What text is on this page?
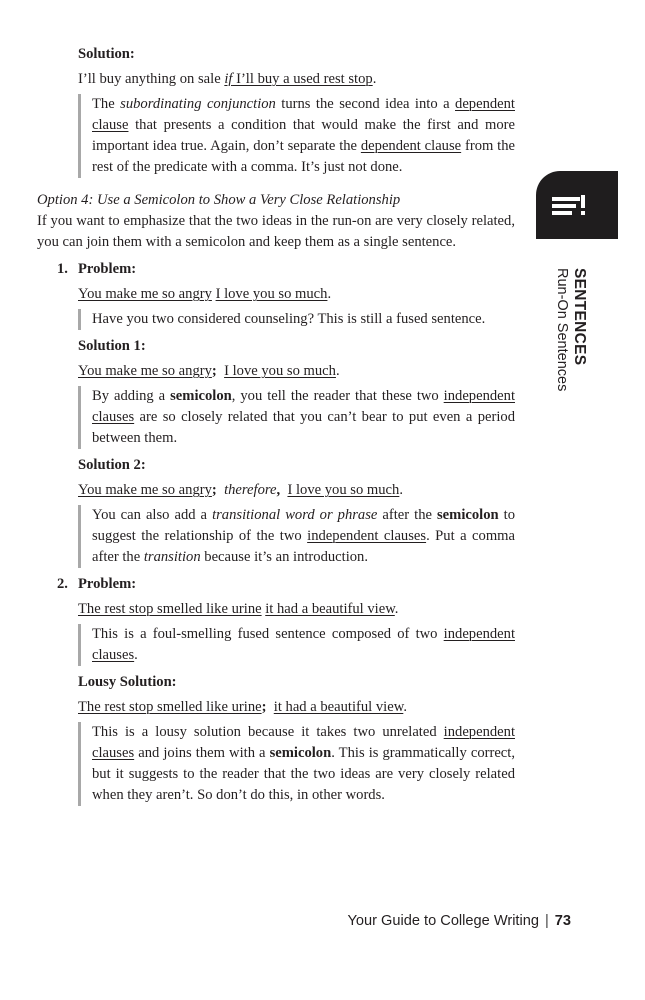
Solution:

I’ll buy anything on sale if I’ll buy a used rest stop.

The subordinating conjunction turns the second idea into a dependent clause that presents a condition that would make the first and more important idea true. Again, don’t separate the dependent clause from the rest of the predicate with a comma. It’s just not done.

Option 4: Use a Semicolon to Show a Very Close Relationship

If you want to emphasize that the two ideas in the run-on are very closely related, you can join them with a semicolon and keep them as a single sentence.

1. Problem:

You make me so angry I love you so much.

Have you two considered counseling? This is still a fused sentence.

Solution 1:

You make me so angry; I love you so much.

By adding a semicolon, you tell the reader that these two independent clauses are so closely related that you can’t bear to put even a period between them.

Solution 2:

You make me so angry; therefore, I love you so much.

You can also add a transitional word or phrase after the semicolon to suggest the relationship of the two independent clauses. Put a comma after the transition because it’s an introduction.

2. Problem:

The rest stop smelled like urine it had a beautiful view.

This is a foul-smelling fused sentence composed of two independent clauses.

Lousy Solution:

The rest stop smelled like urine; it had a beautiful view.

This is a lousy solution because it takes two unrelated independent clauses and joins them with a semicolon. This is grammatically correct, but it suggests to the reader that the two ideas are very closely related when they aren’t. So don’t do this, in other words.

SENTENCES
Run-On Sentences
Your Guide to College Writing | 73
